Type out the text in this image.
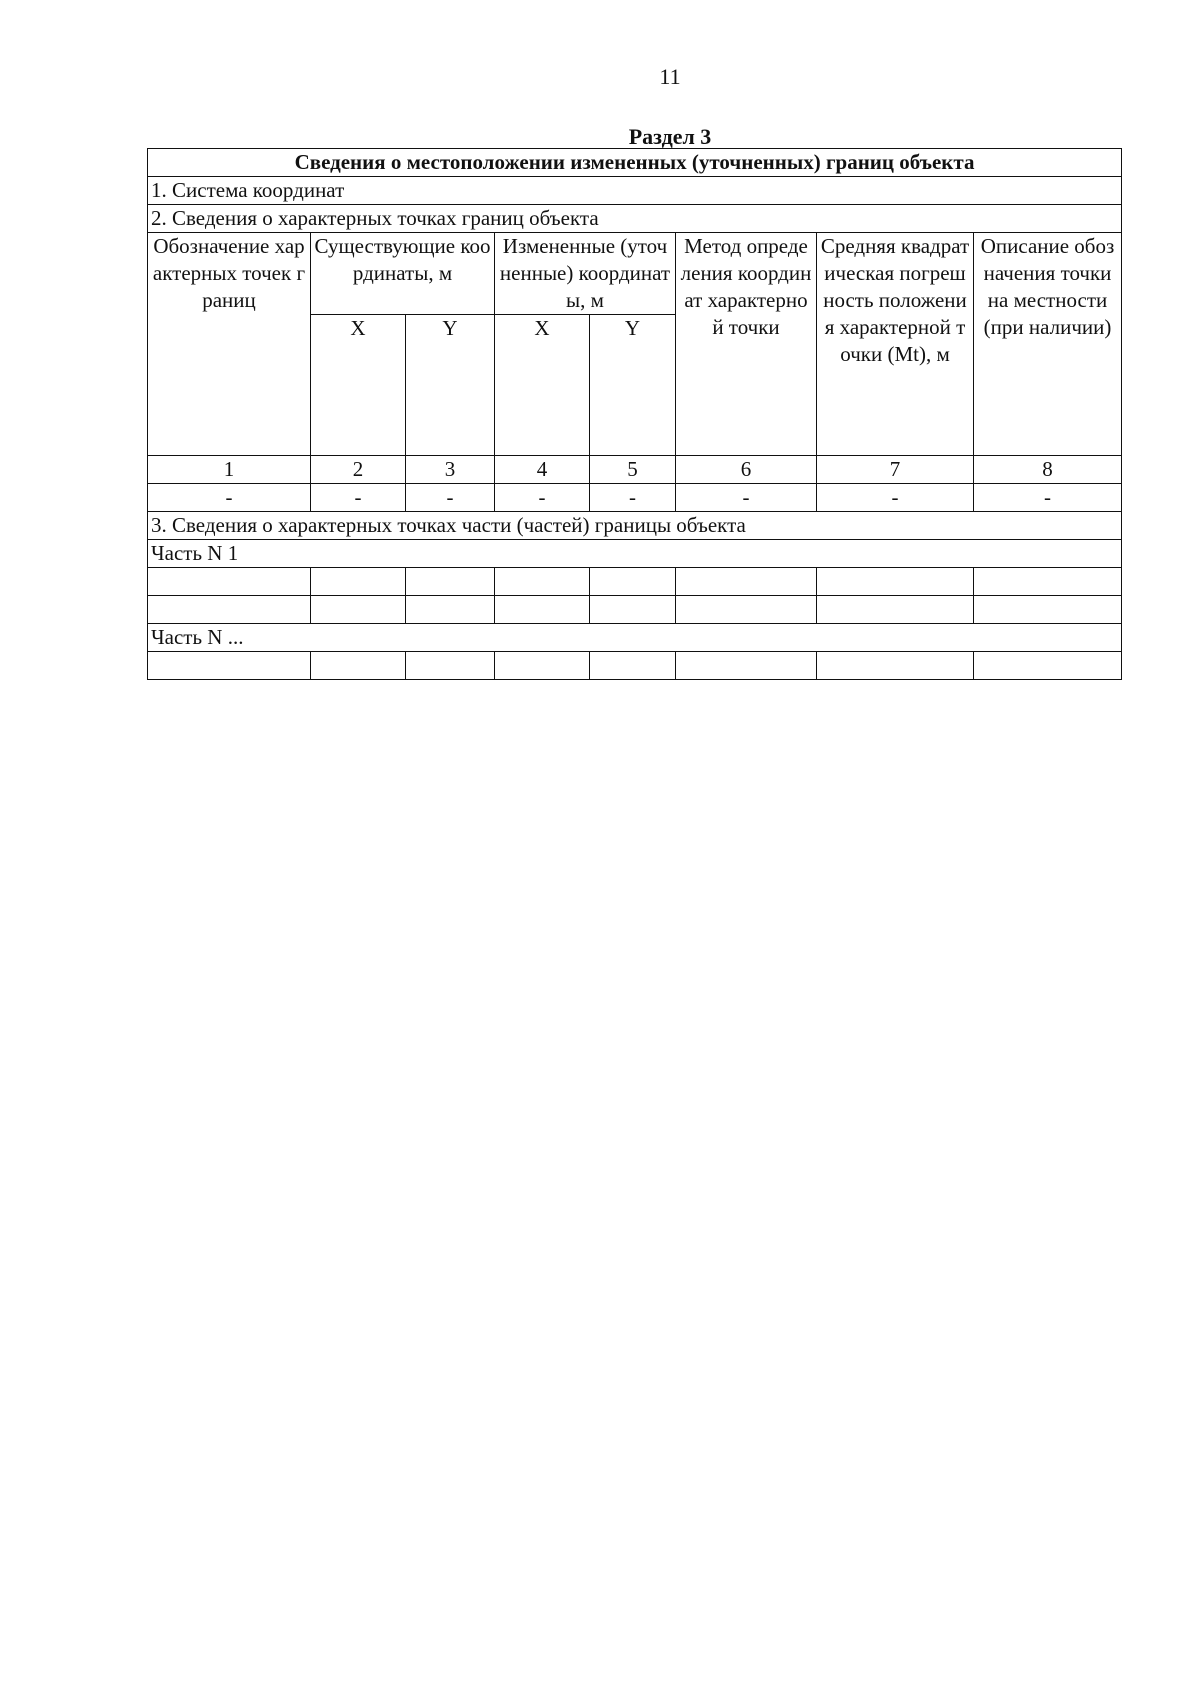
11
Раздел 3
Сведения о местоположении измененных (уточненных) границ объекта							
1. Система координат							
2. Сведения о характерных точках границ объекта							
Обозначение характерных точек границ	Существующие координаты, м		Измененные (уточненные) координаты, м		Метод определения координат характерной точки	Средняя квадратическая погрешность положения характерной точки (Mt), м	Описание обозначения точки на местности (при наличии)
	X	Y	X	Y			
1	2	3	4	5	6	7	8
-	-	-	-	-	-	-	-
3. Сведения о характерных точках части (частей) границы объекта							
Часть N 1							

Часть N ...							
